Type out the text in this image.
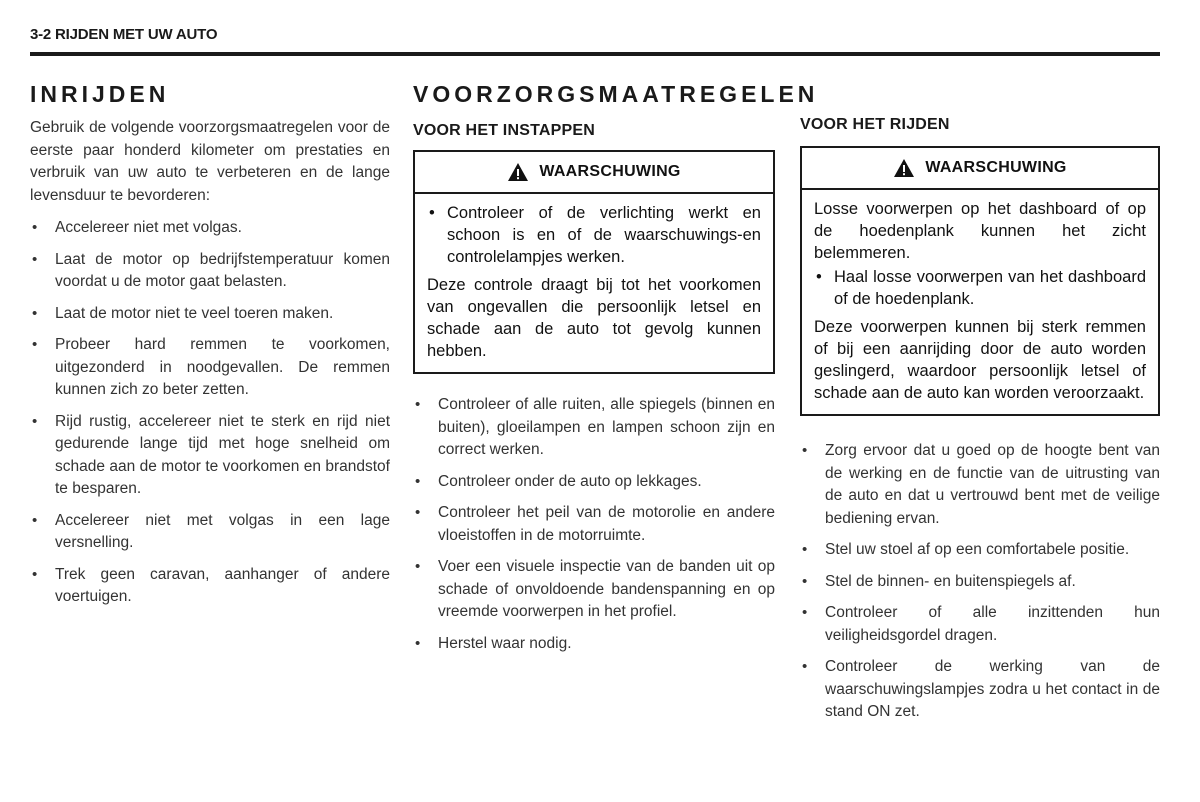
3-2 RIJDEN MET UW AUTO
INRIJDEN

Gebruik de volgende voorzorgsmaatregelen voor de eerste paar honderd kilometer om prestaties en verbruik van uw auto te verbeteren en de lange levensduur te bevorderen:

• Accelereer niet met volgas.
• Laat de motor op bedrijfstemperatuur komen voordat u de motor gaat belasten.
• Laat de motor niet te veel toeren maken.
• Probeer hard remmen te voorkomen, uitgezonderd in noodgevallen. De remmen kunnen zich zo beter zetten.
• Rijd rustig, accelereer niet te sterk en rijd niet gedurende lange tijd met hoge snelheid om schade aan de motor te voorkomen en brandstof te besparen.
• Accelereer niet met volgas in een lage versnelling.
• Trek geen caravan, aanhanger of andere voertuigen.
VOORZORGSMAATREGELEN
VOOR HET INSTAPPEN
WAARSCHUWING
• Controleer of de verlichting werkt en schoon is en of de waarschuwings-en controlelampjes werken.

Deze controle draagt bij tot het voorkomen van ongevallen die persoonlijk letsel en schade aan de auto tot gevolg kunnen hebben.

• Controleer of alle ruiten, alle spiegels (binnen en buiten), gloeilampen en lampen schoon zijn en correct werken.
• Controleer onder de auto op lekkages.
• Controleer het peil van de motorolie en andere vloeistoffen in de motorruimte.
• Voer een visuele inspectie van de banden uit op schade of onvoldoende bandenspanning en op vreemde voorwerpen in het profiel.
• Herstel waar nodig.
VOOR HET RIJDEN
WAARSCHUWING

Losse voorwerpen op het dashboard of op de hoedenplank kunnen het zicht belemmeren.

• Haal losse voorwerpen van het dashboard of de hoedenplank.

Deze voorwerpen kunnen bij sterk remmen of bij een aanrijding door de auto worden geslingerd, waardoor persoonlijk letsel of schade aan de auto kan worden veroorzaakt.

• Zorg ervoor dat u goed op de hoogte bent van de werking en de functie van de uitrusting van de auto en dat u vertrouwd bent met de veilige bediening ervan.
• Stel uw stoel af op een comfortabele positie.
• Stel de binnen- en buitenspiegels af.
• Controleer of alle inzittenden hun veiligheidsgordel dragen.
• Controleer de werking van de waarschuwingslampjes zodra u het contact in de stand ON zet.
